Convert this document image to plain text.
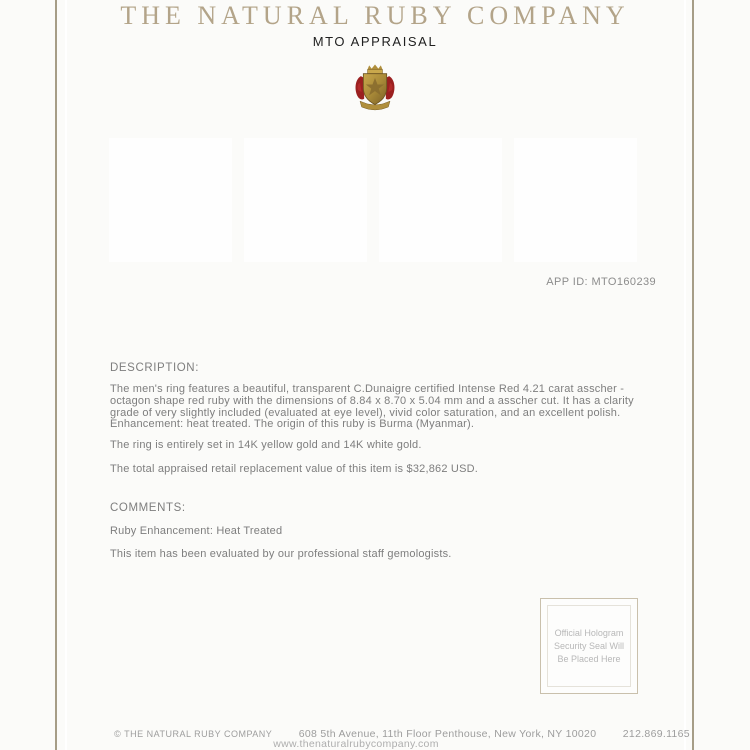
THE NATURAL RUBY COMPANY
MTO APPRAISAL
APP ID: MTO160239
DESCRIPTION:
The men's ring features a beautiful, transparent C.Dunaigre certified Intense Red 4.21 carat asscher - octagon shape red ruby with the dimensions of 8.84 x 8.70 x 5.04 mm and a asscher cut. It has a clarity grade of very slightly included (evaluated at eye level), vivid color saturation, and an excellent polish. Enhancement: heat treated. The origin of this ruby is Burma (Myanmar).
The ring is entirely set in 14K yellow gold and 14K white gold.
The total appraised retail replacement value of this item is $32,862 USD.
COMMENTS:
Ruby Enhancement: Heat Treated
This item has been evaluated by our professional staff gemologists.
Official Hologram
Security Seal Will
Be Placed Here
© THE NATURAL RUBY COMPANY	608 5th Avenue, 11th Floor Penthouse, New York, NY 10020	212.869.1165
www.thenaturalrubycompany.com
